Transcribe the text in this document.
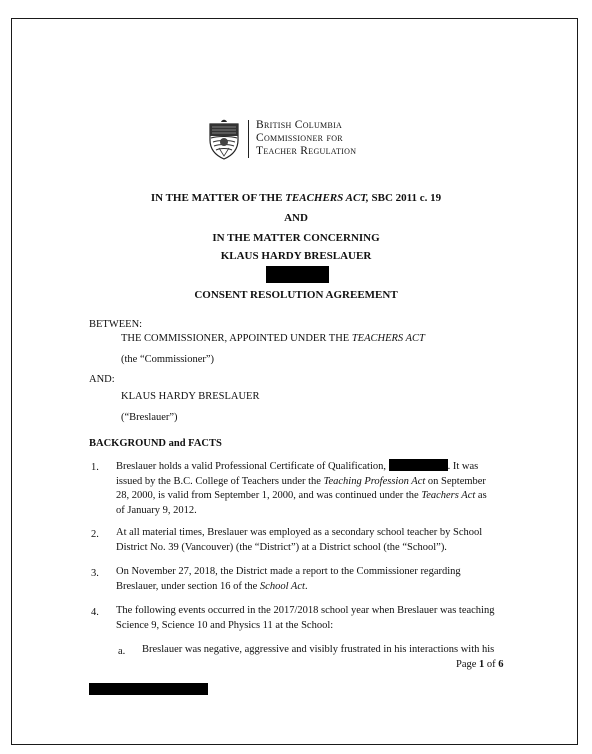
British Columbia
Commissioner for
Teacher Regulation
IN THE MATTER OF THE TEACHERS ACT, SBC 2011 c. 19
AND
IN THE MATTER CONCERNING
KLAUS HARDY BRESLAUER
CONSENT RESOLUTION AGREEMENT
BETWEEN:
THE COMMISSIONER, APPOINTED UNDER THE TEACHERS ACT
(the “Commissioner”)
AND:
KLAUS HARDY BRESLAUER
(“Breslauer”)
BACKGROUND and FACTS
1. Breslauer holds a valid Professional Certificate of Qualification,	. It was
issued by the B.C. College of Teachers under the Teaching Profession Act on September
28, 2000, is valid from September 1, 2000, and was continued under the Teachers Act as
of January 9, 2012.
2. At all material times, Breslauer was employed as a secondary school teacher by School
District No. 39 (Vancouver) (the “District”) at a District school (the “School”).
3. On November 27, 2018, the District made a report to the Commissioner regarding
Breslauer, under section 16 of the School Act.
4. The following events occurred in the 2017/2018 school year when Breslauer was teaching
Science 9, Science 10 and Physics 11 at the School:
a. Breslauer was negative, aggressive and visibly frustrated in his interactions with his
Page 1 of 6
